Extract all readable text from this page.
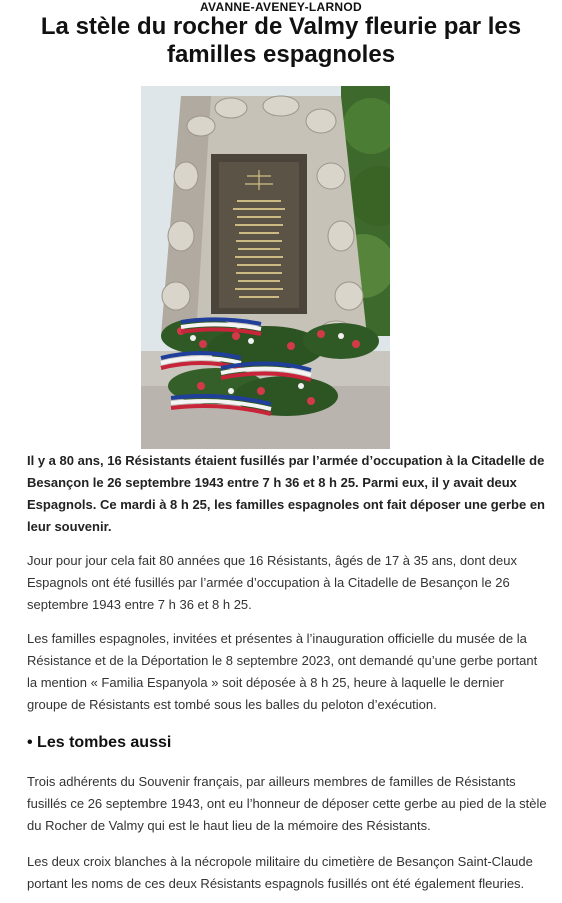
AVANNE-AVENEY-LARNOD
La stèle du rocher de Valmy fleurie par les familles espagnoles

Il y a 80 ans, 16 Résistants étaient fusillés par l’armée d’occupation à la Citadelle de Besançon le 26 septembre 1943 entre 7 h 36 et 8 h 25. Parmi eux, il y avait deux Espagnols. Ce mardi à 8 h 25, les familles espagnoles ont fait déposer une gerbe en leur souvenir.

Jour pour jour cela fait 80 années que 16 Résistants, âgés de 17 à 35 ans, dont deux Espagnols ont été fusillés par l’armée d’occupation à la Citadelle de Besançon le 26 septembre 1943 entre 7 h 36 et 8 h 25.

Les familles espagnoles, invitées et présentes à l’inauguration officielle du musée de la Résistance et de la Déportation le 8 septembre 2023, ont demandé qu’une gerbe portant la mention « Familia Espanyola » soit déposée à 8 h 25, heure à laquelle le dernier groupe de Résistants est tombé sous les balles du peloton d’exécution.

• Les tombes aussi

Trois adhérents du Souvenir français, par ailleurs membres de familles de Résistants fusillés ce 26 septembre 1943, ont eu l’honneur de déposer cette gerbe au pied de la stèle du Rocher de Valmy qui est le haut lieu de la mémoire des Résistants.

Les deux croix blanches à la nécropole militaire du cimetière de Besançon Saint-Claude portant les noms de ces deux Résistants espagnols fusillés ont été également fleuries.
